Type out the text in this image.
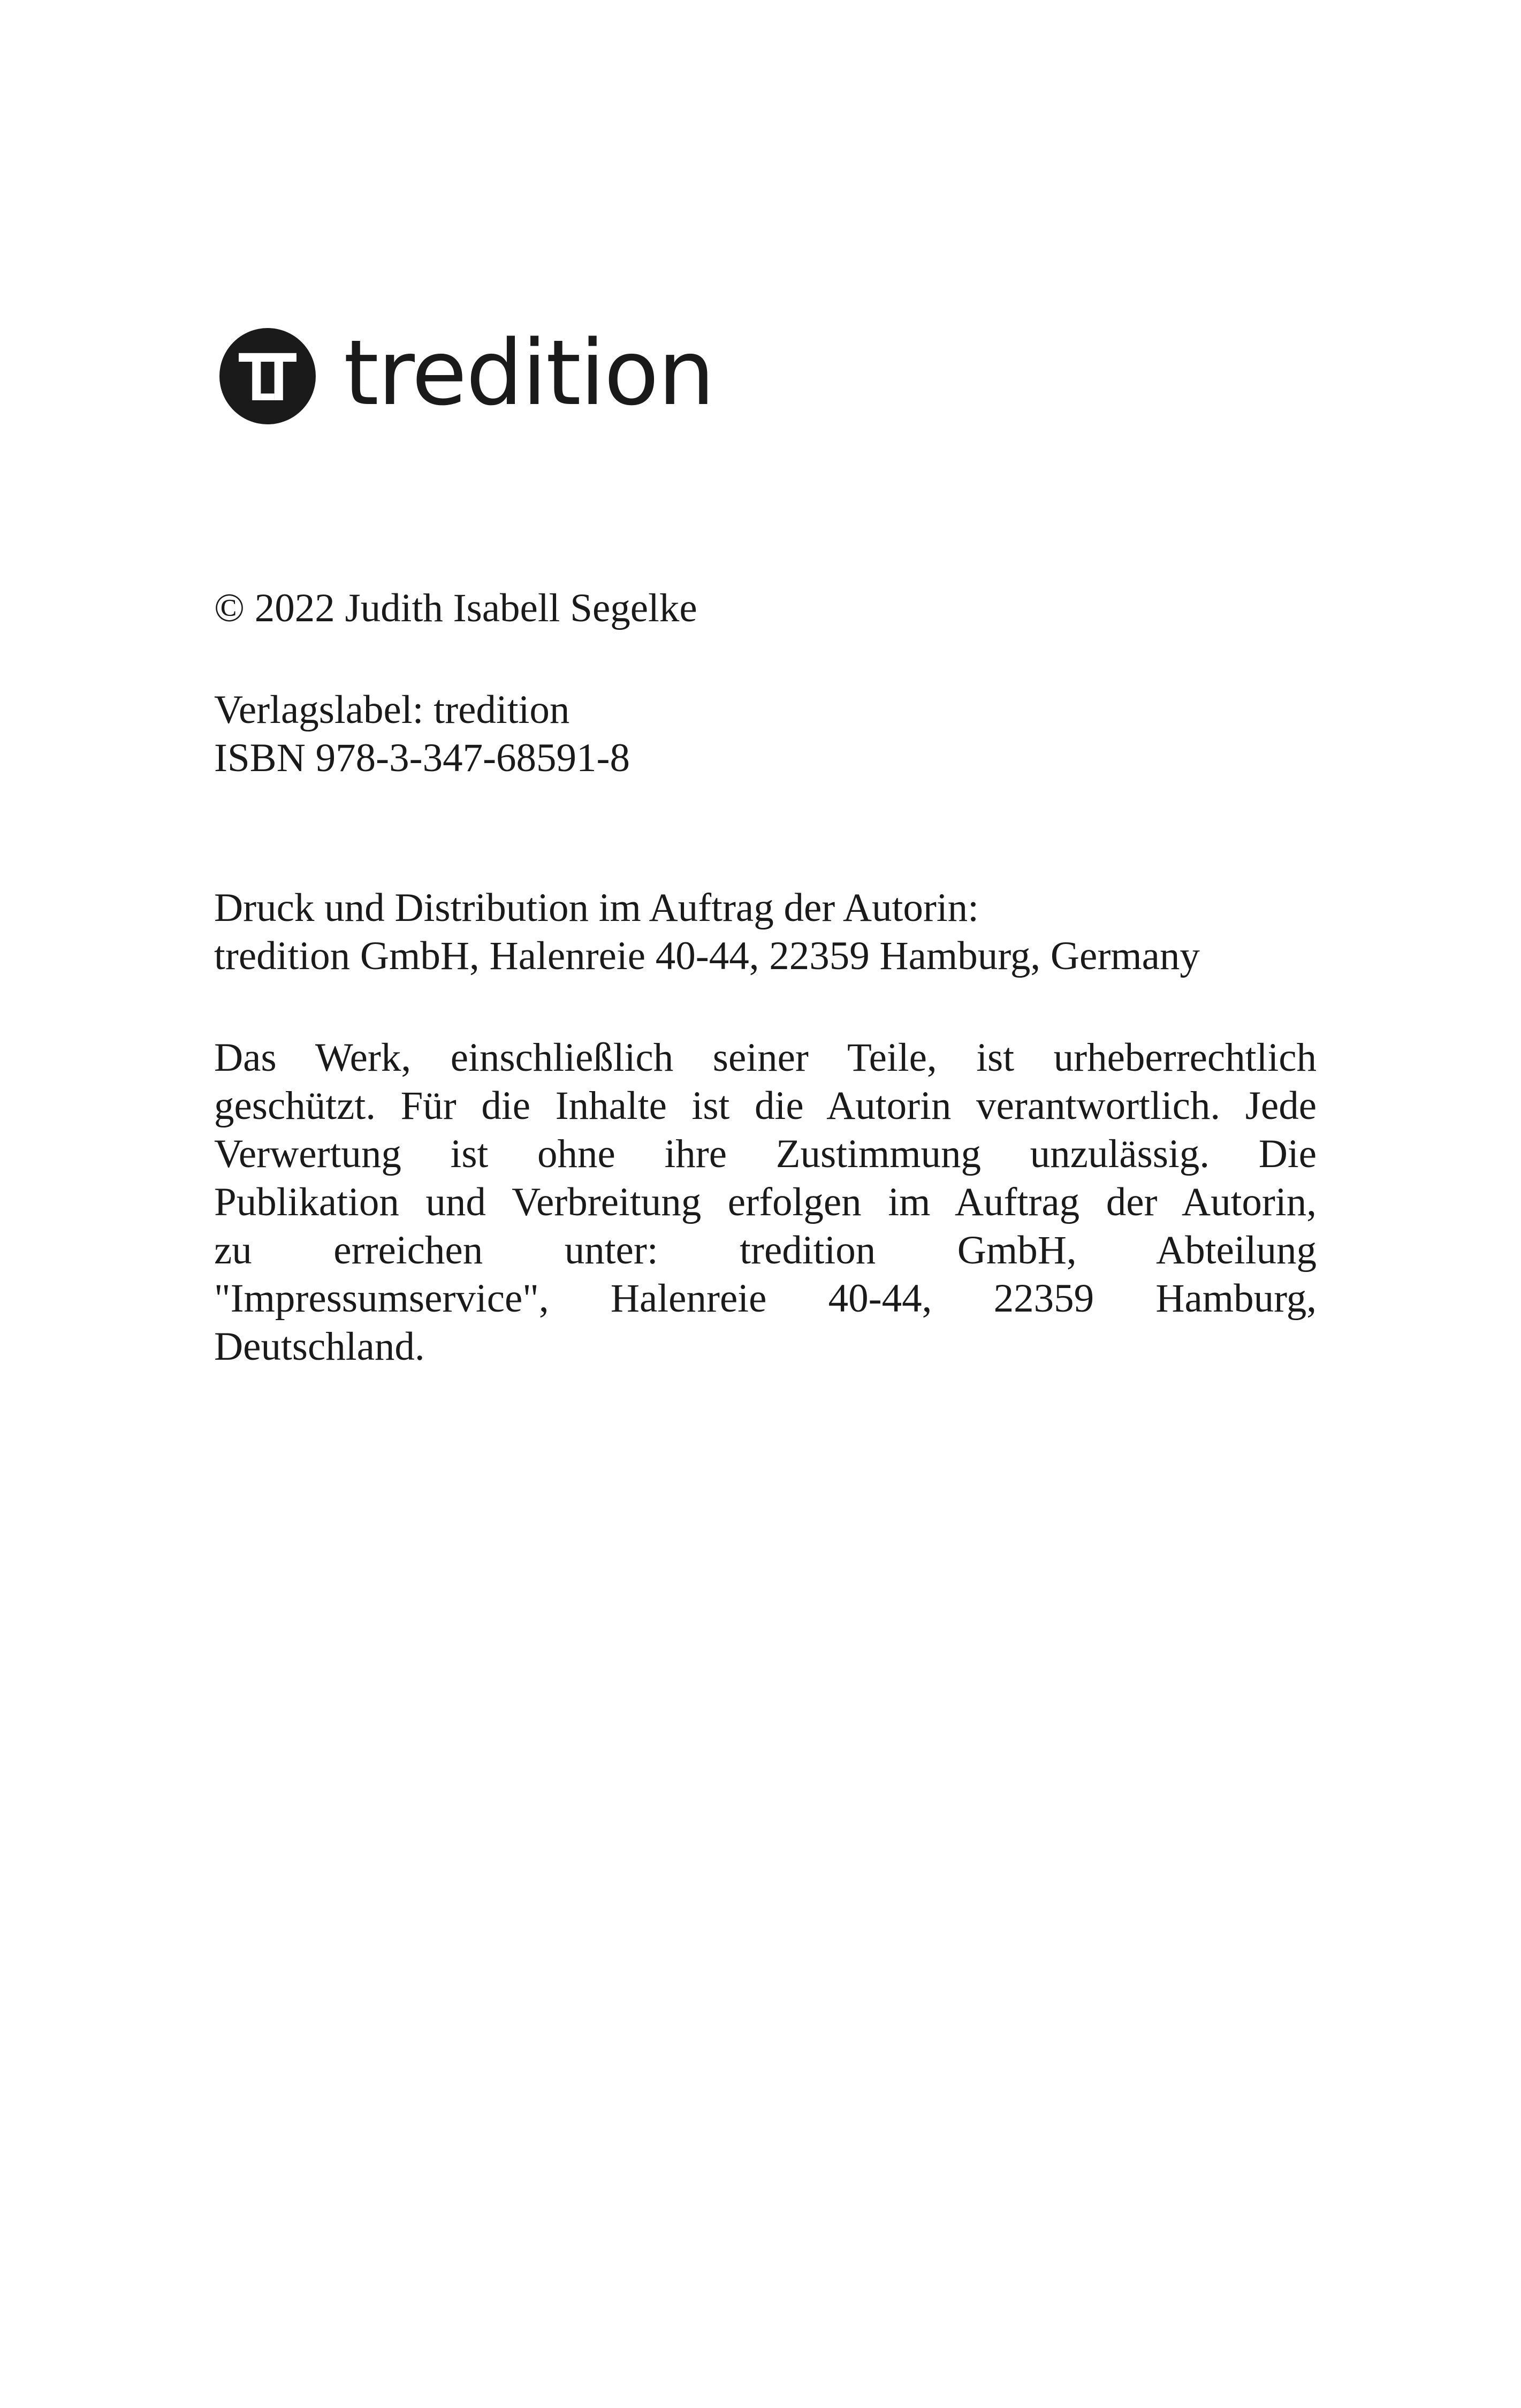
tredition

© 2022 Judith Isabell Segelke

Verlagslabel: tredition
ISBN 978-3-347-68591-8

Druck und Distribution im Auftrag der Autorin:
tredition GmbH, Halenreie 40-44, 22359 Hamburg, Germany

Das Werk, einschließlich seiner Teile, ist urheberrechtlich
geschützt. Für die Inhalte ist die Autorin verantwortlich. Jede
Verwertung ist ohne ihre Zustimmung unzulässig. Die
Publikation und Verbreitung erfolgen im Auftrag der Autorin,
zu erreichen unter: tredition GmbH, Abteilung
"Impressumservice", Halenreie 40-44, 22359 Hamburg,
Deutschland.
